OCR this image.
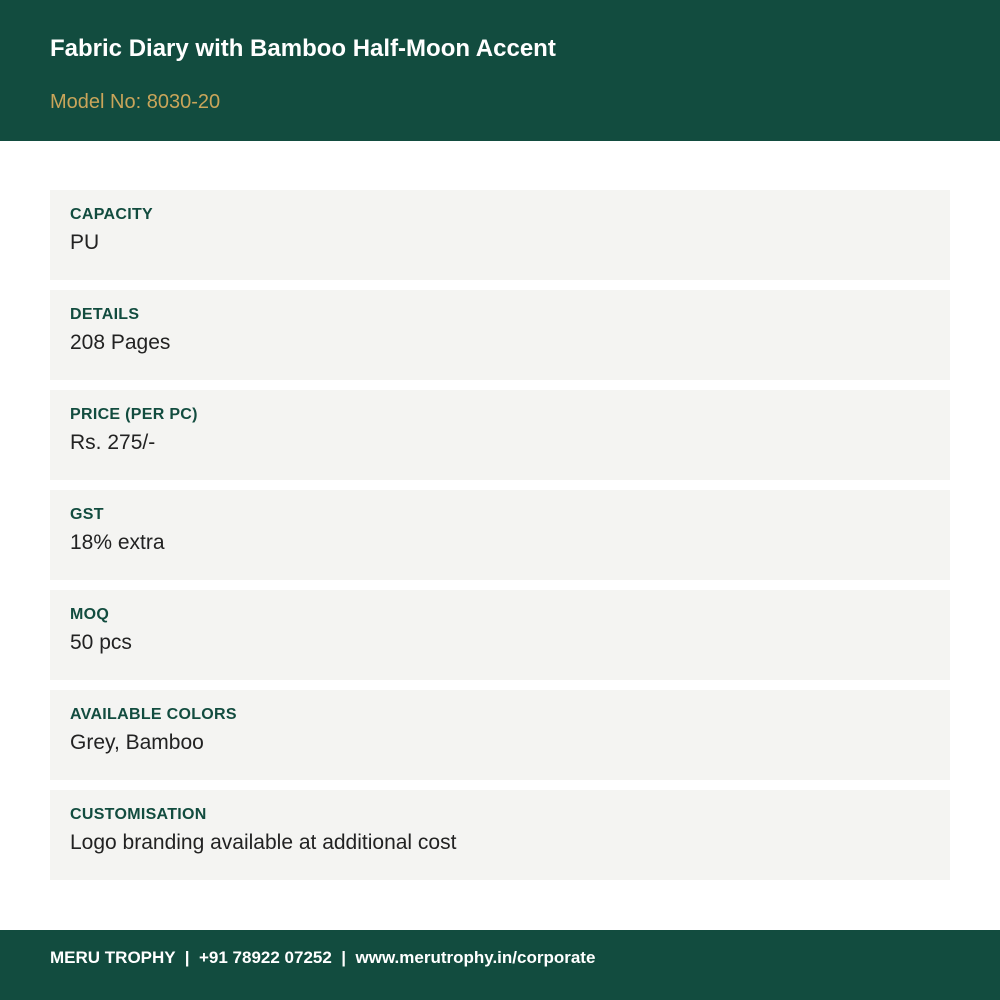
Fabric Diary with Bamboo Half-Moon Accent
Model No: 8030-20
CAPACITY
PU
DETAILS
208 Pages
PRICE (PER PC)
Rs. 275/-
GST
18% extra
MOQ
50 pcs
AVAILABLE COLORS
Grey, Bamboo
CUSTOMISATION
Logo branding available at additional cost
MERU TROPHY | +91 78922 07252 | www.merutrophy.in/corporate
